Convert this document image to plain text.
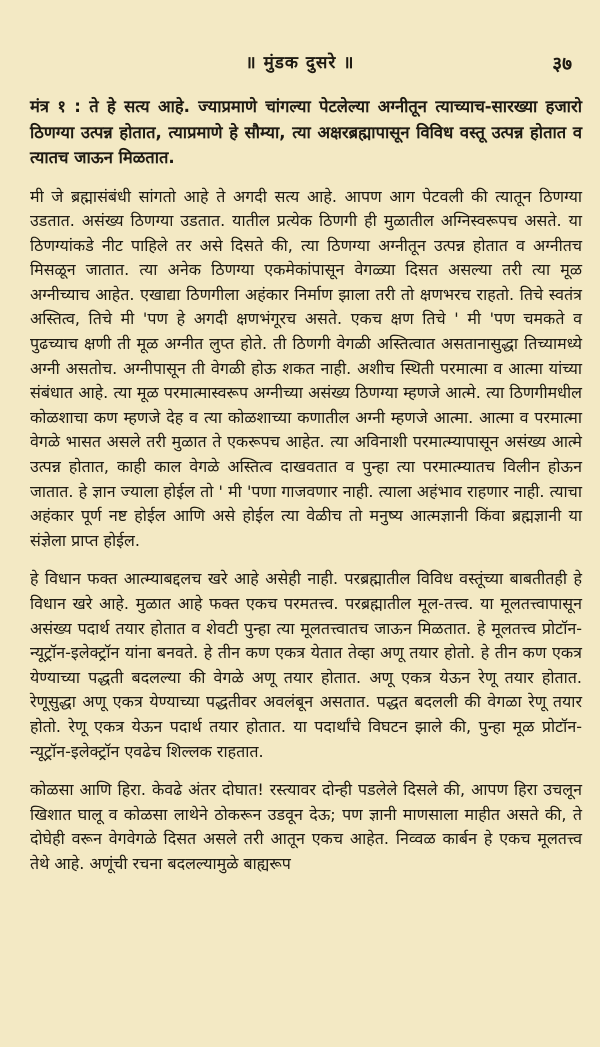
॥ मुंडक दुसरे ॥	३७

मंत्र १ : ते हे सत्य आहे. ज्याप्रमाणे चांगल्या पेटलेल्या अग्नीतून त्याच्याच-सारख्या हजारो ठिणग्या उत्पन्न होतात, त्याप्रमाणे हे सौम्या, त्या अक्षरब्रह्मापासून विविध वस्तू उत्पन्न होतात व त्यातच जाऊन मिळतात.

मी जे ब्रह्मासंबंधी सांगतो आहे ते अगदी सत्य आहे. आपण आग पेटवली की त्यातून ठिणग्या उडतात. असंख्य ठिणग्या उडतात. यातील प्रत्येक ठिणगी ही मुळातील अग्निस्वरूपच असते. या ठिणग्यांकडे नीट पाहिले तर असे दिसते की, त्या ठिणग्या अग्नीतून उत्पन्न होतात व अग्नीतच मिसळून जातात. त्या अनेक ठिणग्या एकमेकांपासून वेगळ्या दिसत असल्या तरी त्या मूळ अग्नीच्याच आहेत. एखाद्या ठिणगीला अहंकार निर्माण झाला तरी तो क्षणभरच राहतो. तिचे स्वतंत्र अस्तित्व, तिचे मी 'पण हे अगदी क्षणभंगूरच असते. एकच क्षण तिचे ' मी 'पण चमकते व पुढच्याच क्षणी ती मूळ अग्नीत लुप्त होते. ती ठिणगी वेगळी अस्तित्वात असतानासुद्धा तिच्यामध्ये अग्नी असतोच. अग्नीपासून ती वेगळी होऊ शकत नाही. अशीच स्थिती परमात्मा व आत्मा यांच्या संबंधात आहे. त्या मूळ परमात्मास्वरूप अग्नीच्या असंख्य ठिणग्या म्हणजे आत्मे. त्या ठिणगीमधील कोळशाचा कण म्हणजे देह व त्या कोळशाच्या कणातील अग्नी म्हणजे आत्मा. आत्मा व परमात्मा वेगळे भासत असले तरी मुळात ते एकरूपच आहेत. त्या अविनाशी परमात्म्यापासून असंख्य आत्मे उत्पन्न होतात, काही काल वेगळे अस्तित्व दाखवतात व पुन्हा त्या परमात्म्यातच विलीन होऊन जातात. हे ज्ञान ज्याला होईल तो ' मी 'पणा गाजवणार नाही. त्याला अहंभाव राहणार नाही. त्याचा अहंकार पूर्ण नष्ट होईल आणि असे होईल त्या वेळीच तो मनुष्य आत्मज्ञानी किंवा ब्रह्मज्ञानी या संज्ञेला प्राप्त होईल.

हे विधान फक्त आत्म्याबद्दलच खरे आहे असेही नाही. परब्रह्मातील विविध वस्तूंच्या बाबतीतही हे विधान खरे आहे. मुळात आहे फक्त एकच परमतत्त्व. परब्रह्मातील मूल-तत्त्व. या मूलतत्त्वापासून असंख्य पदार्थ तयार होतात व शेवटी पुन्हा त्या मूलतत्त्वातच जाऊन मिळतात. हे मूलतत्त्व प्रोटॉन-न्यूट्रॉन-इलेक्ट्रॉन यांना बनवते. हे तीन कण एकत्र येतात तेव्हा अणू तयार होतो. हे तीन कण एकत्र येण्याच्या पद्धती बदलल्या की वेगळे अणू तयार होतात. अणू एकत्र येऊन रेणू तयार होतात. रेणूसुद्धा अणू एकत्र येण्याच्या पद्धतीवर अवलंबून असतात. पद्धत बदलली की वेगळा रेणू तयार होतो. रेणू एकत्र येऊन पदार्थ तयार होतात. या पदार्थांचे विघटन झाले की, पुन्हा मूळ प्रोटॉन-न्यूट्रॉन-इलेक्ट्रॉन एवढेच शिल्लक राहतात.

कोळसा आणि हिरा. केवढे अंतर दोघात! रस्त्यावर दोन्ही पडलेले दिसले की, आपण हिरा उचलून खिशात घालू व कोळसा लाथेने ठोकरून उडवून देऊ; पण ज्ञानी माणसाला माहीत असते की, ते दोघेही वरून वेगवेगळे दिसत असले तरी आतून एकच आहेत. निव्वळ कार्बन हे एकच मूलतत्त्व तेथे आहे. अणूंची रचना बदलल्यामुळे बाह्यरूप
